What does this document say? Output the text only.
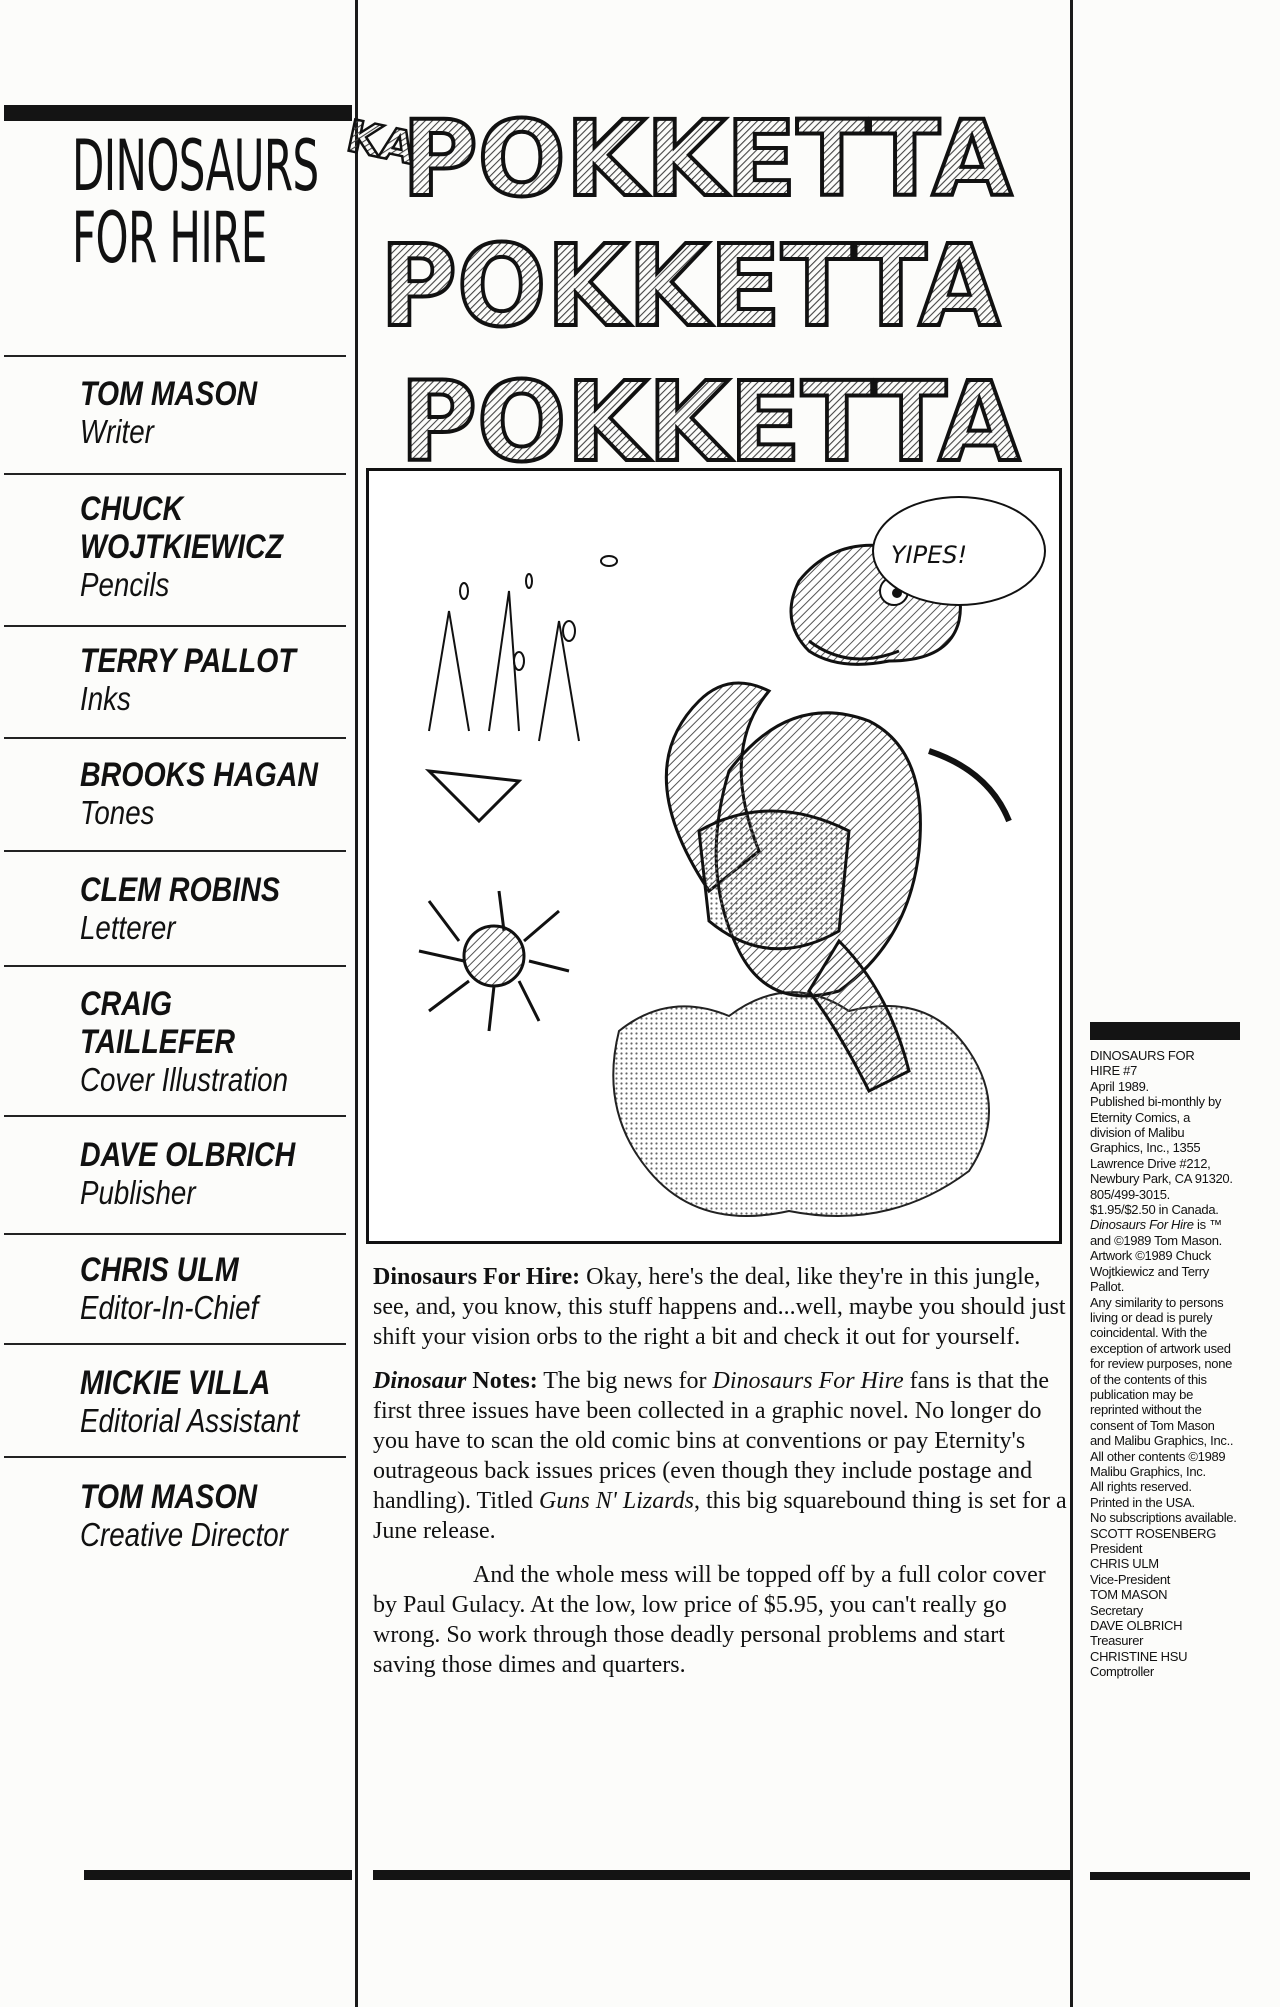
DINOSAURS
FOR HIRE
TOM MASON
Writer
CHUCK
WOJTKIEWICZ
Pencils
TERRY PALLOT
Inks
BROOKS HAGAN
Tones
CLEM ROBINS
Letterer
CRAIG
TAILLEFER
Cover Illustration
DAVE OLBRICH
Publisher
CHRIS ULM
Editor-In-Chief
MICKIE VILLA
Editorial Assistant
TOM MASON
Creative Director
YIPES!
KA
POKKETTA
POKKETTA
POKKETTA

Dinosaurs For Hire: Okay, here's the deal, like they're in this jungle, see, and, you know, this stuff happens and...well, maybe you should just shift your vision orbs to the right a bit and check it out for yourself.

Dinosaur Notes: The big news for Dinosaurs For Hire fans is that the first three issues have been collected in a graphic novel. No longer do you have to scan the old comic bins at conventions or pay Eternity's outrageous back issues prices (even though they include postage and handling). Titled Guns N' Lizards, this big squarebound thing is set for a June release.

And the whole mess will be topped off by a full color cover by Paul Gulacy. At the low, low price of $5.95, you can't really go wrong. So work through those deadly personal problems and start saving those dimes and quarters.

DINOSAURS FOR
HIRE #7
April 1989.
Published bi-monthly by
Eternity Comics, a
division of Malibu
Graphics, Inc., 1355
Lawrence Drive #212,
Newbury Park, CA 91320.
805/499-3015.
$1.95/$2.50 in Canada.
Dinosaurs For Hire is ™
and ©1989 Tom Mason.
Artwork ©1989 Chuck
Wojtkiewicz and Terry
Pallot.
Any similarity to persons
living or dead is purely
coincidental. With the
exception of artwork used
for review purposes, none
of the contents of this
publication may be
reprinted without the
consent of Tom Mason
and Malibu Graphics, Inc..
All other contents ©1989
Malibu Graphics, Inc.
All rights reserved.
Printed in the USA.
No subscriptions available.
SCOTT ROSENBERG
President
CHRIS ULM
Vice-President
TOM MASON
Secretary
DAVE OLBRICH
Treasurer
CHRISTINE HSU
Comptroller
